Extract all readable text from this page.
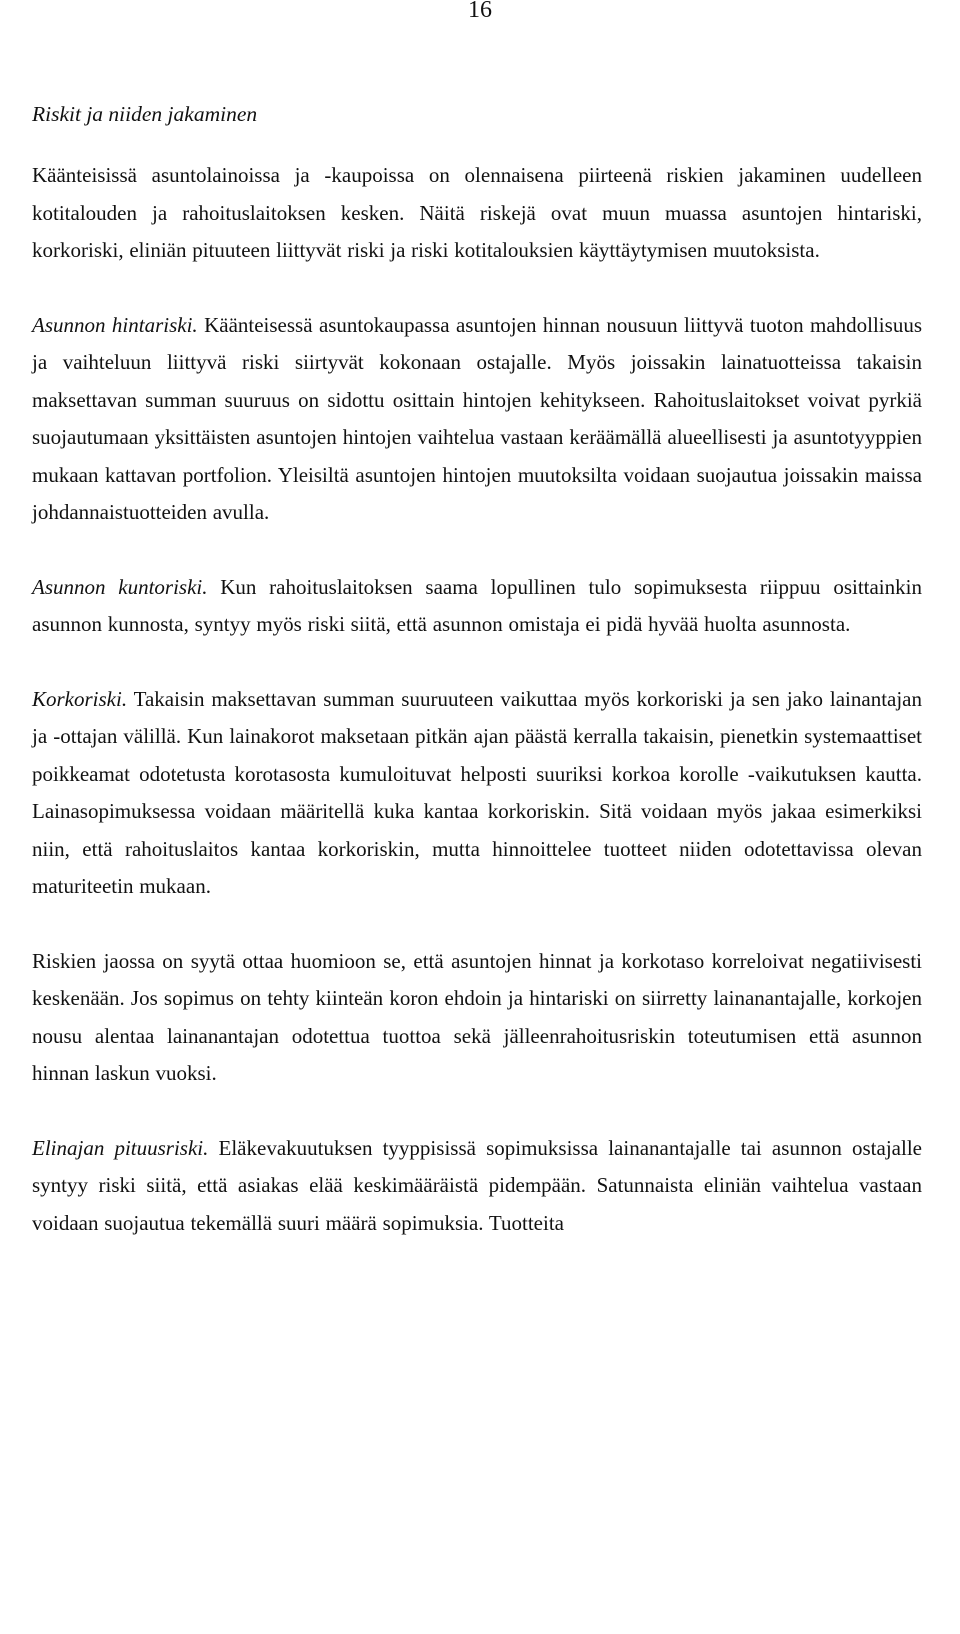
16
Riskit ja niiden jakaminen

Käänteisissä asuntolainoissa ja -kaupoissa on olennaisena piirteenä riskien jakaminen uudelleen kotitalouden ja rahoituslaitoksen kesken. Näitä riskejä ovat muun muassa asuntojen hintariski, korkoriski, eliniän pituuteen liittyvät riski ja riski kotitalouksien käyttäytymisen muutoksista.

Asunnon hintariski. Käänteisessä asuntokaupassa asuntojen hinnan nousuun liittyvä tuoton mahdollisuus ja vaihteluun liittyvä riski siirtyvät kokonaan ostajalle. Myös joissakin lainatuotteissa takaisin maksettavan summan suuruus on sidottu osittain hintojen kehitykseen. Rahoituslaitokset voivat pyrkiä suojautumaan yksittäisten asuntojen hintojen vaihtelua vastaan keräämällä alueellisesti ja asuntotyyppien mukaan kattavan portfolion. Yleisiltä asuntojen hintojen muutoksilta voidaan suojautua joissakin maissa johdannaistuotteiden avulla.

Asunnon kuntoriski. Kun rahoituslaitoksen saama lopullinen tulo sopimuksesta riippuu osittainkin asunnon kunnosta, syntyy myös riski siitä, että asunnon omistaja ei pidä hyvää huolta asunnosta.

Korkoriski. Takaisin maksettavan summan suuruuteen vaikuttaa myös korkoriski ja sen jako lainantajan ja -ottajan välillä. Kun lainakorot maksetaan pitkän ajan päästä kerralla takaisin, pienetkin systemaattiset poikkeamat odotetusta korotasosta kumuloituvat helposti suuriksi korkoa korolle -vaikutuksen kautta. Lainasopimuksessa voidaan määritellä kuka kantaa korkoriskin. Sitä voidaan myös jakaa esimerkiksi niin, että rahoituslaitos kantaa korkoriskin, mutta hinnoittelee tuotteet niiden odotettavissa olevan maturiteetin mukaan.

Riskien jaossa on syytä ottaa huomioon se, että asuntojen hinnat ja korkotaso korreloivat negatiivisesti keskenään. Jos sopimus on tehty kiinteän koron ehdoin ja hintariski on siirretty lainanantajalle, korkojen nousu alentaa lainanantajan odotettua tuottoa sekä jälleenrahoitusriskin toteutumisen että asunnon hinnan laskun vuoksi.

Elinajan pituusriski. Eläkevakuutuksen tyyppisissä sopimuksissa lainanantajalle tai asunnon ostajalle syntyy riski siitä, että asiakas elää keskimääräistä pidempään. Satunnaista eliniän vaihtelua vastaan voidaan suojautua tekemällä suuri määrä sopimuksia. Tuotteita
